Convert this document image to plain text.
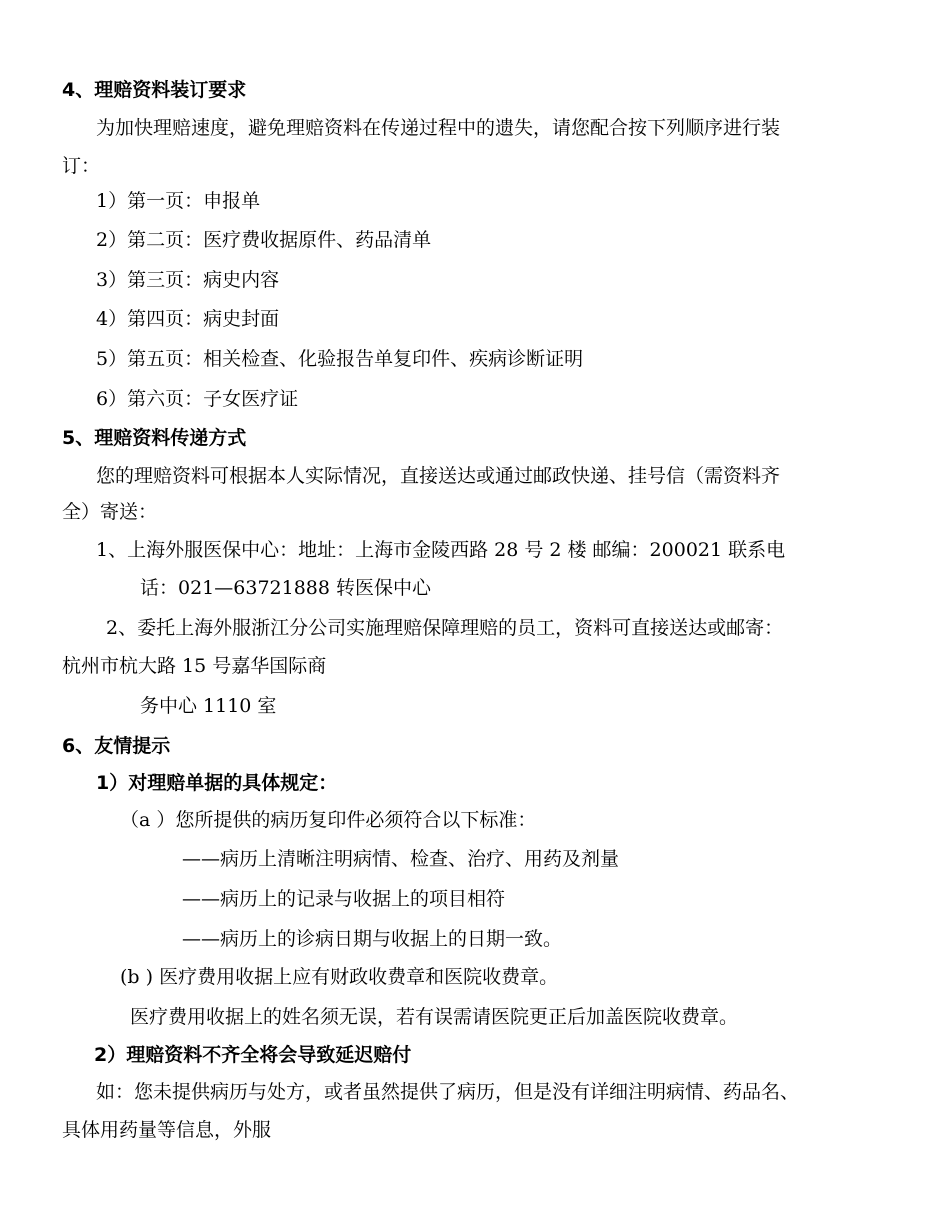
4、理赔资料装订要求
为加快理赔速度，避免理赔资料在传递过程中的遗失，请您配合按下列顺序进行装
订：
1）第一页：申报单
2）第二页：医疗费收据原件、药品清单
3）第三页：病史内容
4）第四页：病史封面
5）第五页：相关检查、化验报告单复印件、疾病诊断证明
6）第六页：子女医疗证
5、理赔资料传递方式
您的理赔资料可根据本人实际情况，直接送达或通过邮政快递、挂号信（需资料齐
全）寄送：
1、上海外服医保中心：地址：上海市金陵西路 28 号 2 楼 邮编：200021 联系电
话：021—63721888 转医保中心
2、委托上海外服浙江分公司实施理赔保障理赔的员工，资料可直接送达或邮寄：
杭州市杭大路 15 号嘉华国际商
务中心 1110 室
6、友情提示
1）对理赔单据的具体规定：
（a ）您所提供的病历复印件必须符合以下标准：
——病历上清晰注明病情、检查、治疗、用药及剂量
——病历上的记录与收据上的项目相符
——病历上的诊病日期与收据上的日期一致。
(b ) 医疗费用收据上应有财政收费章和医院收费章。
医疗费用收据上的姓名须无误，若有误需请医院更正后加盖医院收费章。
2）理赔资料不齐全将会导致延迟赔付
如：您未提供病历与处方，或者虽然提供了病历，但是没有详细注明病情、药品名、
具体用药量等信息，外服
